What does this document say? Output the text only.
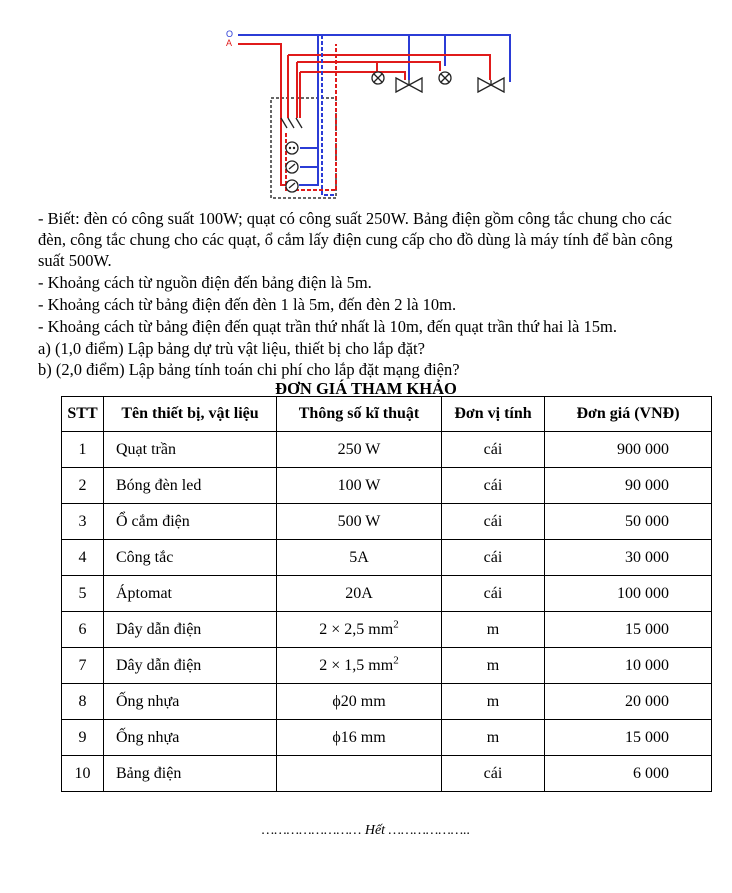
O
A
- Biết: đèn có công suất 100W; quạt có công suất 250W. Bảng điện gồm công tắc chung cho các đèn, công tắc chung cho các quạt, ổ cắm lấy điện cung cấp cho đồ dùng là máy tính để bàn công suất 500W.
- Khoảng cách từ nguồn điện đến bảng điện là 5m.
- Khoảng cách từ bảng điện đến đèn 1 là 5m, đến đèn 2 là 10m.
- Khoảng cách từ bảng điện đến quạt trần thứ nhất là 10m, đến quạt trần thứ hai là 15m.
a) (1,0 điểm) Lập bảng dự trù vật liệu, thiết bị cho lắp đặt?
b) (2,0 điểm) Lập bảng tính toán chi phí cho lắp đặt mạng điện?
ĐƠN GIÁ THAM KHẢO
STT	Tên thiết bị, vật liệu	Thông số kĩ thuật	Đơn vị tính	Đơn giá (VNĐ)
1	Quạt trần	250 W	cái	900 000
2	Bóng đèn led	100 W	cái	90 000
3	Ổ cắm điện	500 W	cái	50 000
4	Công tắc	5A	cái	30 000
5	Áptomat	20A	cái	100 000
6	Dây dẫn điện	2 × 2,5 $mm^2$	m	15 000
7	Dây dẫn điện	2 × 1,5 $mm^2$	m	10 000
8	Ống nhựa	ϕ20 mm	m	20 000
9	Ống nhựa	ϕ16 mm	m	15 000
10	Bảng điện		cái	6 000
…………………… Hết ………………..
